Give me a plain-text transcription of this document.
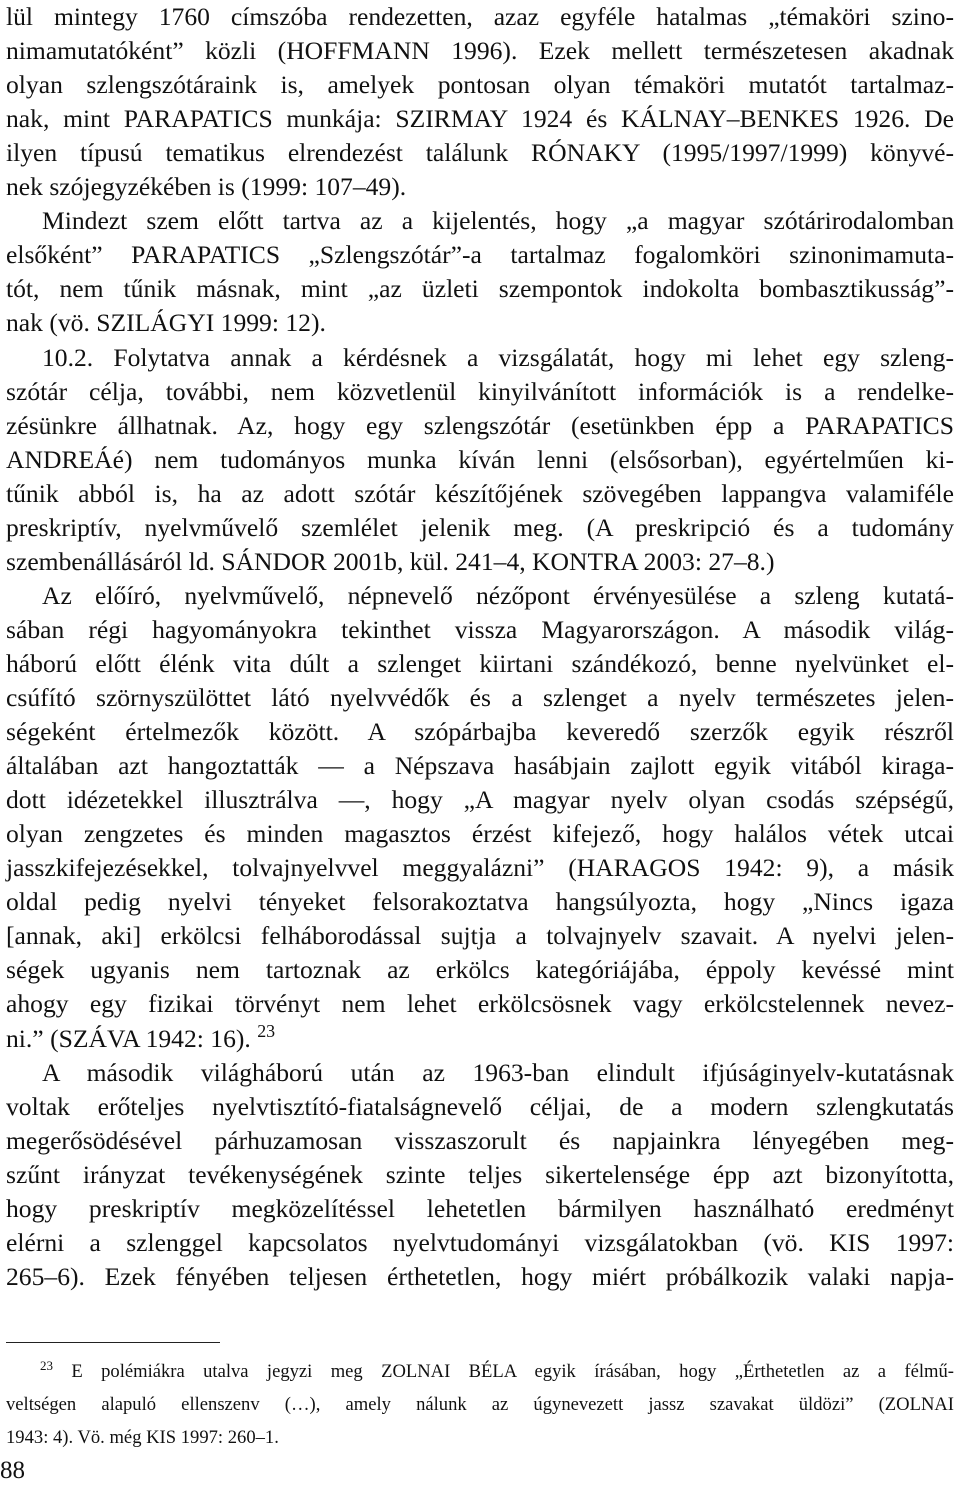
lül mintegy 1760 címszóba rendezetten, azaz egyféle hatalmas „témaköri szino-
nimamutatóként” közli (HOFFMANN 1996). Ezek mellett természetesen akadnak
olyan szlengszótáraink is, amelyek pontosan olyan témaköri mutatót tartalmaz-
nak, mint PARAPATICS munkája: SZIRMAY 1924 és KÁLNAY–BENKES 1926. De
ilyen típusú tematikus elrendezést találunk RÓNAKY (1995/1997/1999) könyvé-
nek szójegyzékében is (1999: 107–49).
Mindezt szem előtt tartva az a kijelentés, hogy „a magyar szótárirodalomban
elsőként” PARAPATICS „Szlengszótár”-a tartalmaz fogalomköri szinonimamuta-
tót, nem tűnik másnak, mint „az üzleti szempontok indokolta bombasztikusság”-
nak (vö. SZILÁGYI 1999: 12).
10.2. Folytatva annak a kérdésnek a vizsgálatát, hogy mi lehet egy szleng-
szótár célja, további, nem közvetlenül kinyilvánított információk is a rendelke-
zésünkre állhatnak. Az, hogy egy szlengszótár (esetünkben épp a PARAPATICS
ANDREÁé) nem tudományos munka kíván lenni (elsősorban), egyértelműen ki-
tűnik abból is, ha az adott szótár készítőjének szövegében lappangva valamiféle
preskriptív, nyelvművelő szemlélet jelenik meg. (A preskripció és a tudomány
szembenállásáról ld. SÁNDOR 2001b, kül. 241–4, KONTRA 2003: 27–8.)
Az előíró, nyelvművelő, népnevelő nézőpont érvényesülése a szleng kutatá-
sában régi hagyományokra tekinthet vissza Magyarországon. A második világ-
háború előtt élénk vita dúlt a szlenget kiirtani szándékozó, benne nyelvünket el-
csúfító szörnyszülöttet látó nyelvvédők és a szlenget a nyelv természetes jelen-
ségeként értelmezők között. A szópárbajba keveredő szerzők egyik részről
általában azt hangoztatták — a Népszava hasábjain zajlott egyik vitából kiraga-
dott idézetekkel illusztrálva —, hogy „A magyar nyelv olyan csodás szépségű,
olyan zengzetes és minden magasztos érzést kifejező, hogy halálos vétek utcai
jasszkifejezésekkel, tolvajnyelvvel meggyalázni” (HARAGOS 1942: 9), a másik
oldal pedig nyelvi tényeket felsorakoztatva hangsúlyozta, hogy „Nincs igaza
[annak, aki] erkölcsi felháborodással sujtja a tolvajnyelv szavait. A nyelvi jelen-
ségek ugyanis nem tartoznak az erkölcs kategóriájába, éppoly kevéssé mint
ahogy egy fizikai törvényt nem lehet erkölcsösnek vagy erkölcstelennek nevez-
ni.” (SZÁVA 1942: 16). $^{23}$
A második világháború után az 1963-ban elindult ifjúságinyelv-kutatásnak
voltak erőteljes nyelvtisztító-fiatalságnevelő céljai, de a modern szlengkutatás
megerősödésével párhuzamosan visszaszorult és napjainkra lényegében meg-
szűnt irányzat tevékenységének szinte teljes sikertelensége épp azt bizonyította,
hogy preskriptív megközelítéssel lehetetlen bármilyen használható eredményt
elérni a szlenggel kapcsolatos nyelvtudományi vizsgálatokban (vö. KIS 1997:
265–6). Ezek fényében teljesen érthetetlen, hogy miért próbálkozik valaki napja-
$^{23}$ E polémiákra utalva jegyzi meg ZOLNAI BÉLA egyik írásában, hogy „Érthetetlen az a félmű-
veltségen alapuló ellenszenv (…), amely nálunk az úgynevezett jassz szavakat üldözi” (ZOLNAI
1943: 4). Vö. még KIS 1997: 260–1.
88
